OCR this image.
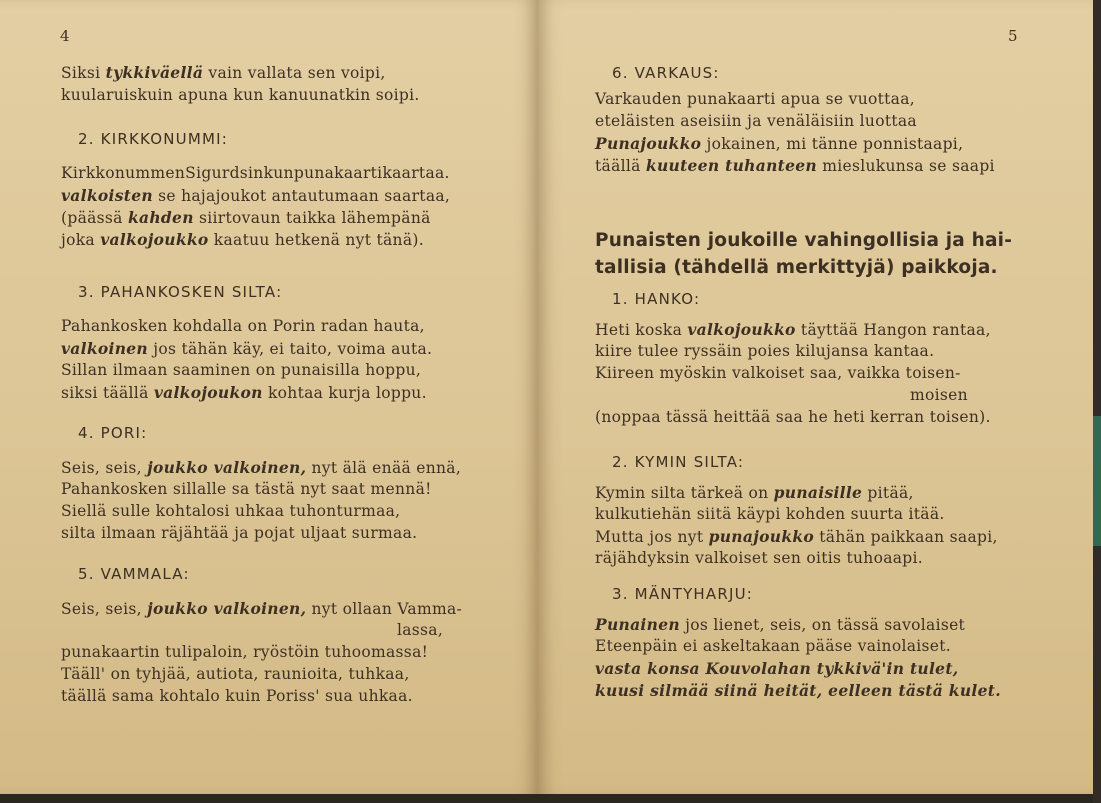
4
Siksi tykkiväellä vain vallata sen voipi,
kuularuiskuin apuna kun kanuunatkin soipi.
2. KIRKKONUMMI:
KirkkonummenSigurdsinkunpunakaartikaartaa.
valkoisten se hajajoukot antautumaan saartaa,
(päässä kahden siirtovaun taikka lähempänä
joka valkojoukko kaatuu hetkenä nyt tänä).
3. PAHANKOSKEN SILTA:
Pahankosken kohdalla on Porin radan hauta,
valkoinen jos tähän käy, ei taito, voima auta.
Sillan ilmaan saaminen on punaisilla hoppu,
siksi täällä valkojoukon kohtaa kurja loppu.
4. PORI:
Seis, seis, joukko valkoinen, nyt älä enää ennä,
Pahankosken sillalle sa tästä nyt saat mennä!
Siellä sulle kohtalosi uhkaa tuhonturmaa,
silta ilmaan räjähtää ja pojat uljaat surmaa.
5. VAMMALA:
Seis, seis, joukko valkoinen, nyt ollaan Vamma-
lassa,
punakaartin tulipaloin, ryöstöin tuhoomassa!
Tääll' on tyhjää, autiota, raunioita, tuhkaa,
täällä sama kohtalo kuin Poriss' sua uhkaa.
5
6. VARKAUS:
Varkauden punakaarti apua se vuottaa,
eteläisten aseisiin ja venäläisiin luottaa
Punajoukko jokainen, mi tänne ponnistaapi,
täällä kuuteen tuhanteen mieslukunsa se saapi
Punaisten joukoille vahingollisia ja hai-
tallisia (tähdellä merkittyjä) paikkoja.
1. HANKO:
Heti koska valkojoukko täyttää Hangon rantaa,
kiire tulee ryssäin poies kilujansa kantaa.
Kiireen myöskin valkoiset saa, vaikka toisen-
moisen
(noppaa tässä heittää saa he heti kerran toisen).
2. KYMIN SILTA:
Kymin silta tärkeä on punaisille pitää,
kulkutiehän siitä käypi kohden suurta itää.
Mutta jos nyt punajoukko tähän paikkaan saapi,
räjähdyksin valkoiset sen oitis tuhoaapi.
3. MÄNTYHARJU:
Punainen jos lienet, seis, on tässä savolaiset
Eteenpäin ei askeltakaan pääse vainolaiset.
vasta konsa Kouvolahan tykkivä'in tulet,
kuusi silmää siinä heität, eelleen tästä kulet.
